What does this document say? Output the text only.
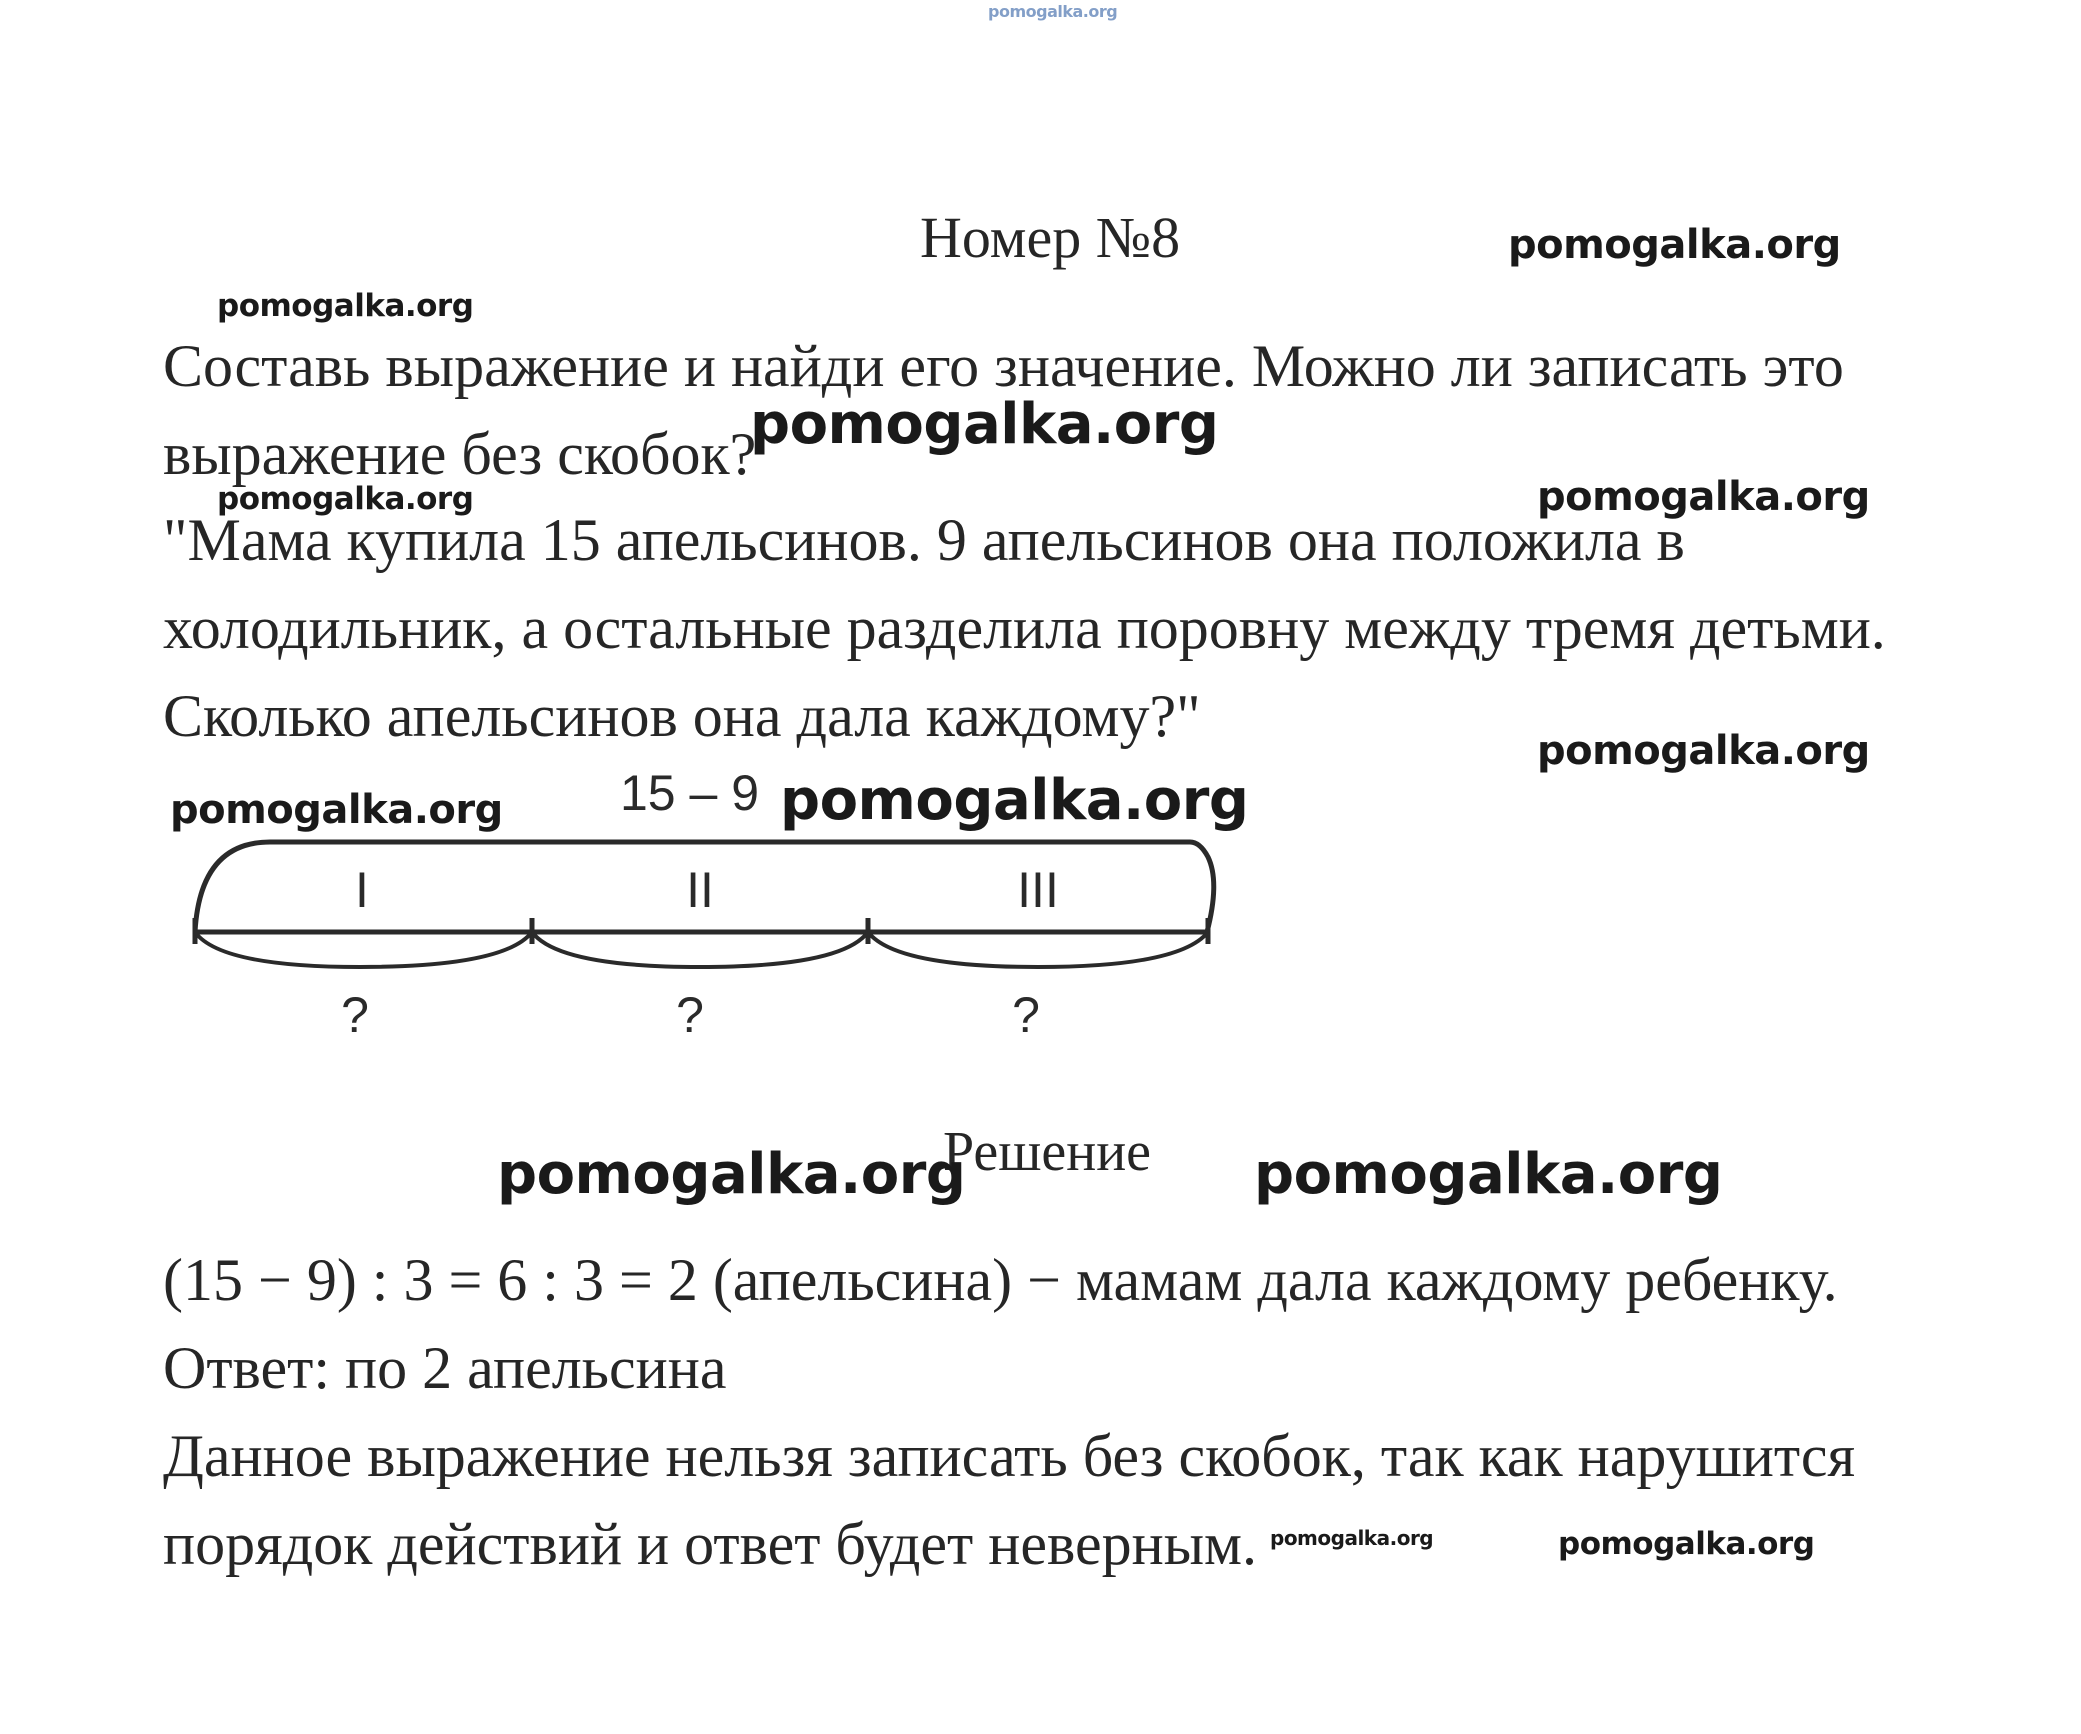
pomogalka.org
Номер №8	pomogalka.org
pomogalka.org
Составь выражение и найди его значение. Можно ли записать это
выражение без скобок?
pomogalka.org
pomogalka.org	pomogalka.org
"Мама купила 15 апельсинов. 9 апельсинов она положила в
холодильник, а остальные разделила поровну между тремя детьми.
Сколько апельсинов она дала каждому?"
pomogalka.org
pomogalka.org 15 – 9
I	II	III
?	?	?
pomogalka.org
Решение
pomogalka.org	pomogalka.org
(15 − 9) : 3 = 6 : 3 = 2 (апельсина) − мамам дала каждому ребенку.
Ответ: по 2 апельсина
Данное выражение нельзя записать без скобок, так как нарушится
порядок действий и ответ будет неверным. pomogalka.org	pomogalka.org
